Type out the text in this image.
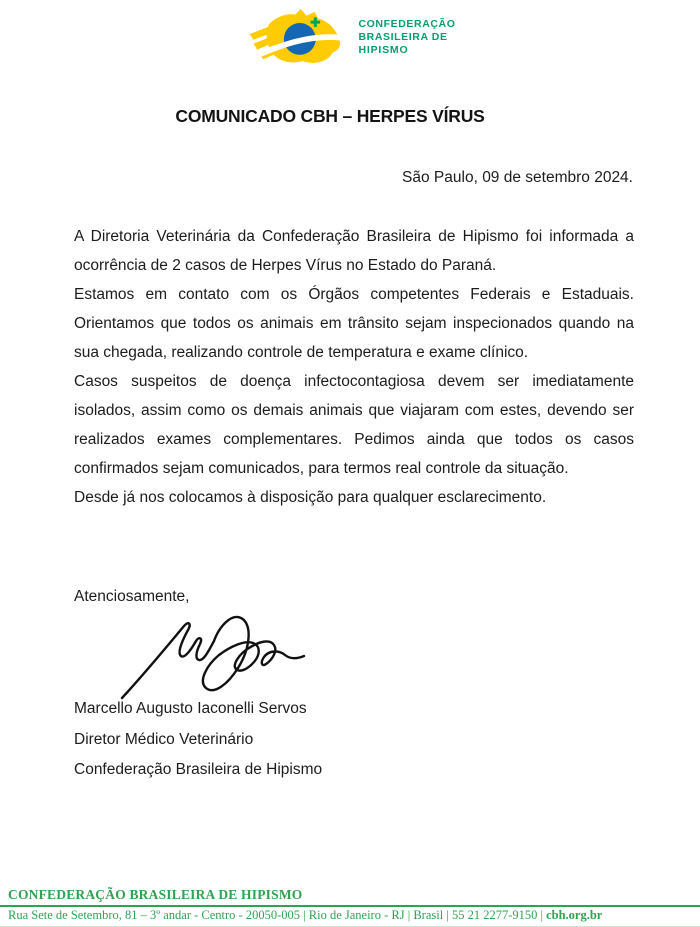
CONFEDERAÇÃO
BRASILEIRA DE
HIPISMO
COMUNICADO CBH – HERPES VÍRUS
São Paulo, 09 de setembro 2024.

A Diretoria Veterinária da Confederação Brasileira de Hipismo foi informada a ocorrência de 2 casos de Herpes Vírus no Estado do Paraná.

Estamos em contato com os Órgãos competentes Federais e Estaduais. Orientamos que todos os animais em trânsito sejam inspecionados quando na sua chegada, realizando controle de temperatura e exame clínico.

Casos suspeitos de doença infectocontagiosa devem ser imediatamente isolados, assim como os demais animais que viajaram com estes, devendo ser realizados exames complementares. Pedimos ainda que todos os casos confirmados sejam comunicados, para termos real controle da situação.

Desde já nos colocamos à disposição para qualquer esclarecimento.

Atenciosamente,
Marcello Augusto Iaconelli Servos
Diretor Médico Veterinário
Confederação Brasileira de Hipismo
CONFEDERAÇÃO BRASILEIRA DE HIPISMO
Rua Sete de Setembro, 81 – 3º andar - Centro - 20050-005 | Rio de Janeiro - RJ | Brasil | 55 21 2277-9150 | cbh.org.br
